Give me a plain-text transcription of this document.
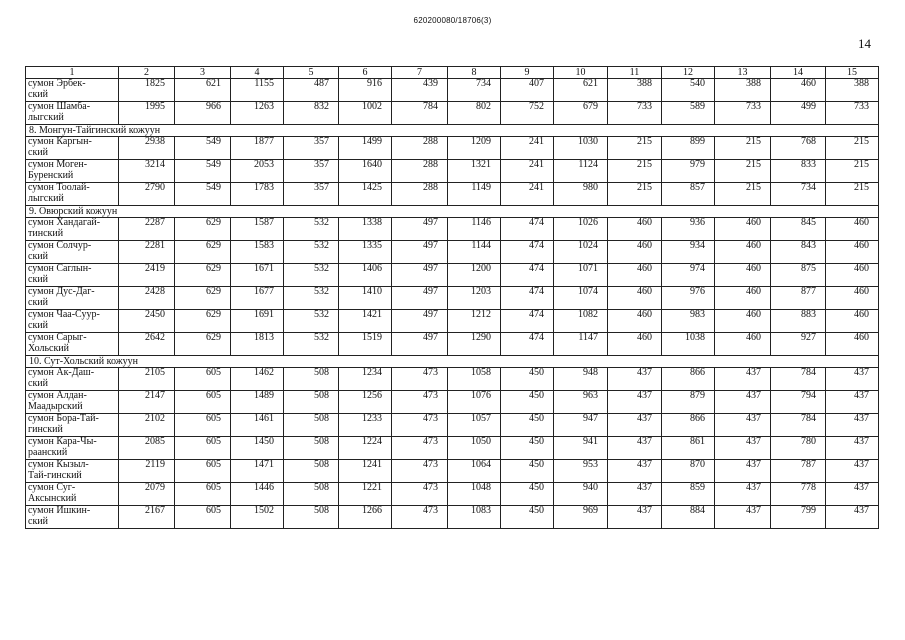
620200080/18706(3)
14
1	2	3	4	5	6	7	8	9	10	11	12	13	14	15

сумон Эрбек-
ский	1825	621	1155	487	916	439	734	407	621	388	540	388	460	388

сумон Шамба-
лыгский	1995	966	1263	832	1002	784	802	752	679	733	589	733	499	733
8. Монгун-Тайгинский кожуун														

сумон Каргын-
ский	2938	549	1877	357	1499	288	1209	241	1030	215	899	215	768	215

сумон Моген-
Буренский	3214	549	2053	357	1640	288	1321	241	1124	215	979	215	833	215

сумон Тоолай-
лыгский	2790	549	1783	357	1425	288	1149	241	980	215	857	215	734	215
9. Овюрский кожуун														

сумон Хандагай-
тинский	2287	629	1587	532	1338	497	1146	474	1026	460	936	460	845	460

сумон Солчур-
ский	2281	629	1583	532	1335	497	1144	474	1024	460	934	460	843	460

сумон Саглын-
ский	2419	629	1671	532	1406	497	1200	474	1071	460	974	460	875	460

сумон Дус-Даг-
ский	2428	629	1677	532	1410	497	1203	474	1074	460	976	460	877	460

сумон Чаа-Суур-
ский	2450	629	1691	532	1421	497	1212	474	1082	460	983	460	883	460

сумон Сарыг-
Хольский	2642	629	1813	532	1519	497	1290	474	1147	460	1038	460	927	460
10. Сут-Хольский кожуун														

сумон Ак-Даш-
ский	2105	605	1462	508	1234	473	1058	450	948	437	866	437	784	437

сумон Алдан-
Маадырский	2147	605	1489	508	1256	473	1076	450	963	437	879	437	794	437

сумон Бора-Тай-
гинский	2102	605	1461	508	1233	473	1057	450	947	437	866	437	784	437

сумон Кара-Чы-
раанский	2085	605	1450	508	1224	473	1050	450	941	437	861	437	780	437

сумон Кызыл-
Тай-гинский	2119	605	1471	508	1241	473	1064	450	953	437	870	437	787	437

сумон Суг-
Аксынский	2079	605	1446	508	1221	473	1048	450	940	437	859	437	778	437

сумон Ишкин-
ский	2167	605	1502	508	1266	473	1083	450	969	437	884	437	799	437
